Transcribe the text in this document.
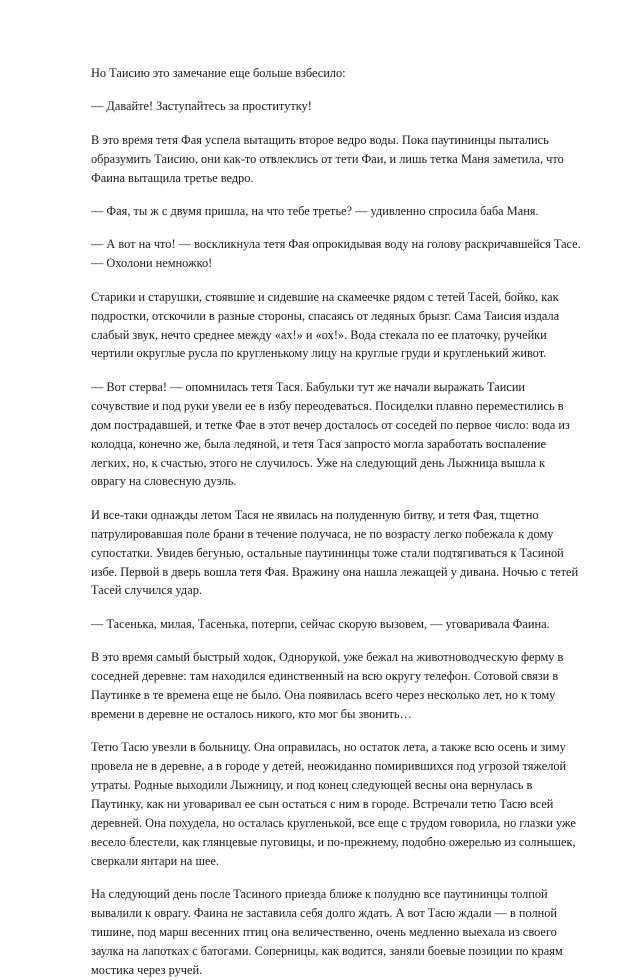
Но Таисию это замечание еще больше взбесило:

— Давайте! Заступайтесь за проститутку!

В это время тетя Фая успела вытащить второе ведро воды. Пока паутининцы пытались образумить Таисию, они как-то отвлеклись от тети Фаи, и лишь тетка Маня заметила, что Фаина вытащила третье ведро.

— Фая, ты ж с двумя пришла, на что тебе третье? — удивленно спросила баба Маня.

— А вот на что! — воскликнула тетя Фая опрокидывая воду на голову раскричавшейся Тасе. — Охолони немножко!

Старики и старушки, стоявшие и сидевшие на скамеечке рядом с тетей Тасей, бойко, как подростки, отскочили в разные стороны, спасаясь от ледяных брызг. Сама Таисия издала слабый звук, нечто среднее между «ах!» и «ох!». Вода стекала по ее платочку, ручейки чертили округлые русла по кругленькому лицу на круглые груди и кругленький живот.

— Вот стерва! — опомнилась тетя Тася. Бабульки тут же начали выражать Таисии сочувствие и под руки увели ее в избу переодеваться. Посиделки плавно переместились в дом пострадавшей, и тетке Фае в этот вечер досталось от соседей по первое число: вода из колодца, конечно же, была ледяной, и тетя Тася запросто могла заработать воспаление легких, но, к счастью, этого не случилось. Уже на следующий день Лыжница вышла к оврагу на словесную дуэль.

И все-таки однажды летом Тася не явилась на полуденную битву, и тетя Фая, тщетно патрулировавшая поле брани в течение получаса, не по возрасту легко побежала к дому супостатки. Увидев бегунью, остальные паутининцы тоже стали подтягиваться к Тасиной избе. Первой в дверь вошла тетя Фая. Вражину она нашла лежащей у дивана. Ночью с тетей Тасей случился удар.

— Тасенька, милая, Тасенька, потерпи, сейчас скорую вызовем, — уговаривала Фаина.

В это время самый быстрый ходок, Однорукой, уже бежал на животноводческую ферму в соседней деревне: там находился единственный на всю округу телефон. Сотовой связи в Паутинке в те времена еще не было. Она появилась всего через несколько лет, но к тому времени в деревне не осталось никого, кто мог бы звонить…

Тетю Тасю увезли в больницу. Она оправилась, но остаток лета, а также всю осень и зиму провела не в деревне, а в городе у детей, неожиданно помирившихся под угрозой тяжелой утраты. Родные выходили Лыжницу, и под конец следующей весны она вернулась в Паутинку, как ни уговаривал ее сын остаться с ним в городе. Встречали тетю Тасю всей деревней. Она похудела, но осталась кругленькой, все еще с трудом говорила, но глазки уже весело блестели, как глянцевые пуговицы, и по-прежнему, подобно ожерелью из солнышек, сверкали янтари на шее.

На следующий день после Тасиного приезда ближе к полудню все паутининцы толпой вывалили к оврагу. Фаина не заставила себя долго ждать. А вот Тасю ждали — в полной тишине, под марш весенних птиц она величественно, очень медленно выехала из своего заулка на лапотках с батогами. Соперницы, как водится, заняли боевые позиции по краям мостика через ручей.
